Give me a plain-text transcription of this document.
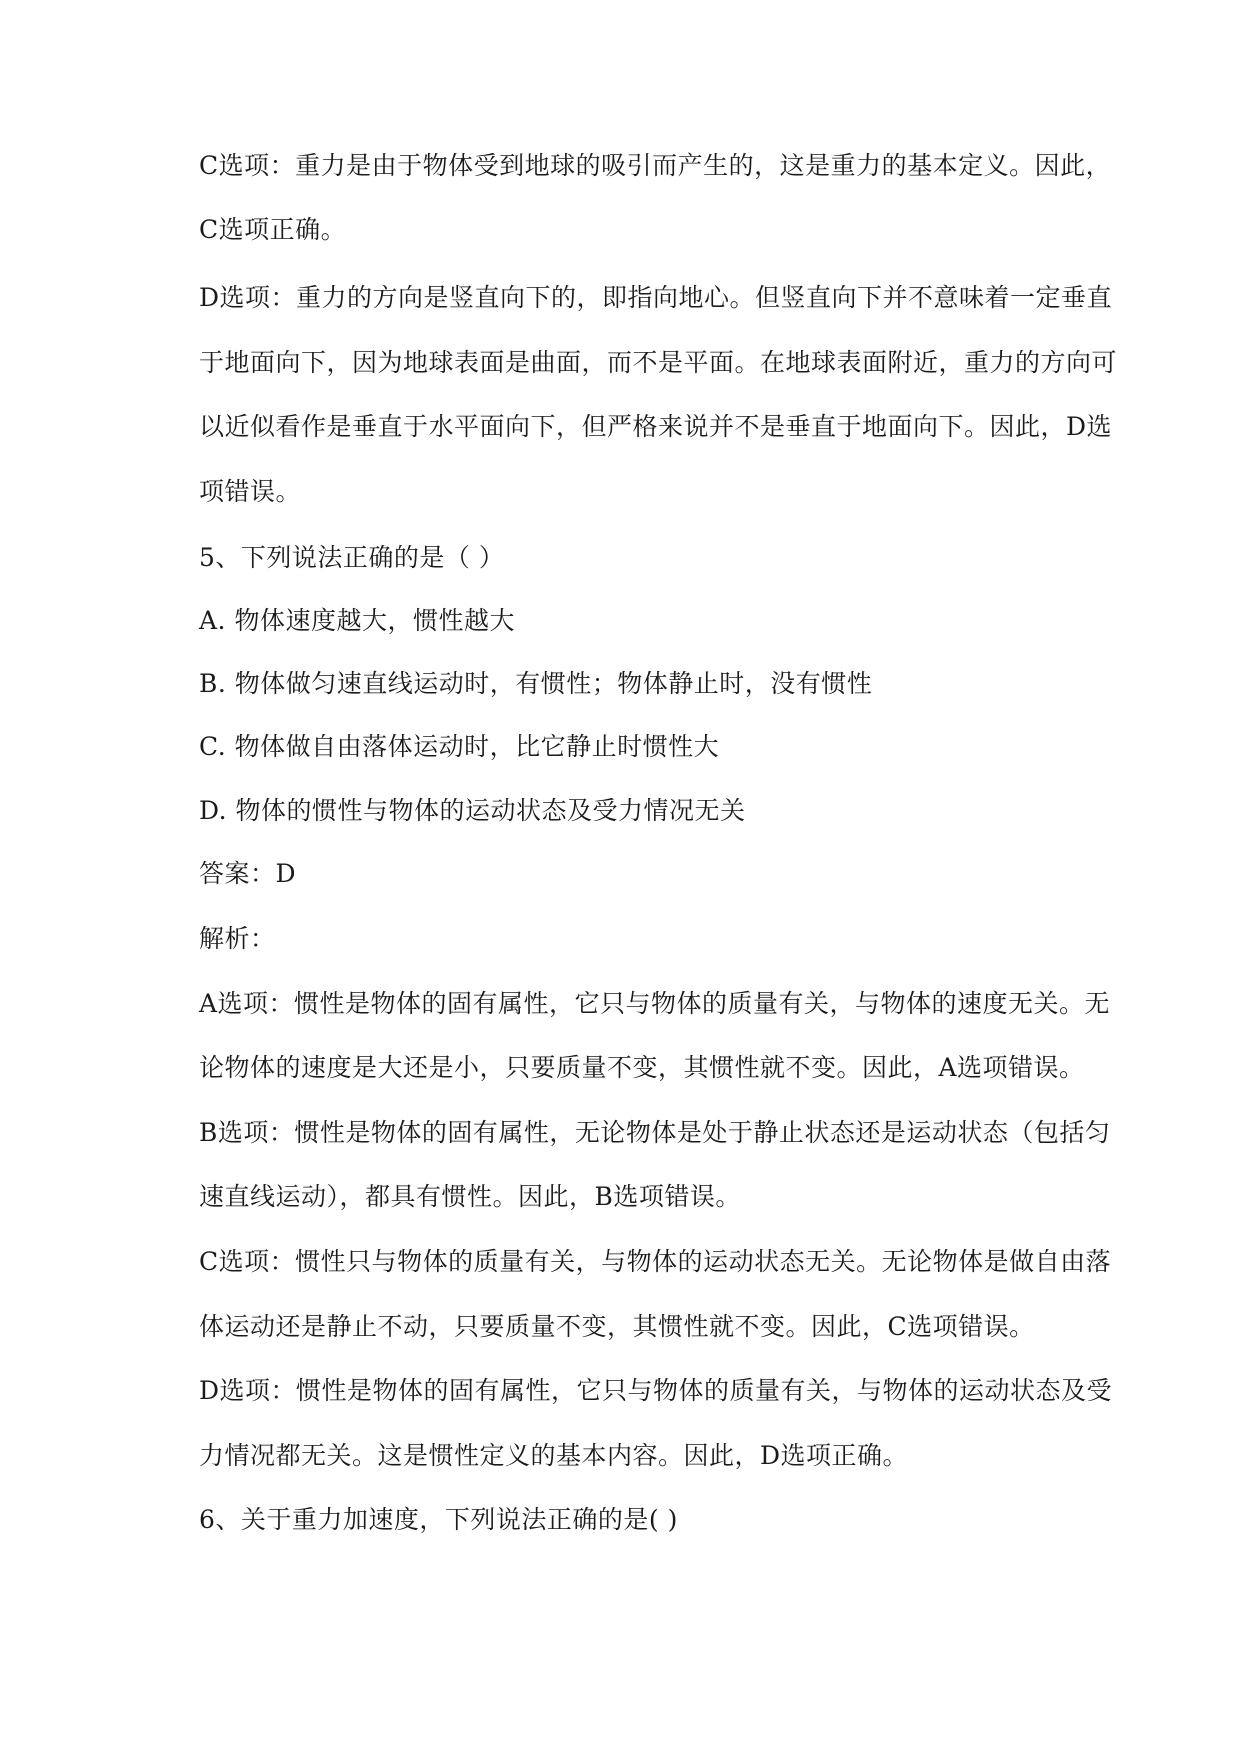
C选项：重力是由于物体受到地球的吸引而产生的，这是重力的基本定义。因此，
C选项正确。
D选项：重力的方向是竖直向下的，即指向地心。但竖直向下并不意味着一定垂直
于地面向下，因为地球表面是曲面，而不是平面。在地球表面附近，重力的方向可
以近似看作是垂直于水平面向下，但严格来说并不是垂直于地面向下。因此，D选
项错误。
5、下列说法正确的是（ ）
A. 物体速度越大，惯性越大
B. 物体做匀速直线运动时，有惯性；物体静止时，没有惯性
C. 物体做自由落体运动时，比它静止时惯性大
D. 物体的惯性与物体的运动状态及受力情况无关
答案：D
解析：
A选项：惯性是物体的固有属性，它只与物体的质量有关，与物体的速度无关。无
论物体的速度是大还是小，只要质量不变，其惯性就不变。因此，A选项错误。
B选项：惯性是物体的固有属性，无论物体是处于静止状态还是运动状态（包括匀
速直线运动），都具有惯性。因此，B选项错误。
C选项：惯性只与物体的质量有关，与物体的运动状态无关。无论物体是做自由落
体运动还是静止不动，只要质量不变，其惯性就不变。因此，C选项错误。
D选项：惯性是物体的固有属性，它只与物体的质量有关，与物体的运动状态及受
力情况都无关。这是惯性定义的基本内容。因此，D选项正确。
6、关于重力加速度，下列说法正确的是( )
